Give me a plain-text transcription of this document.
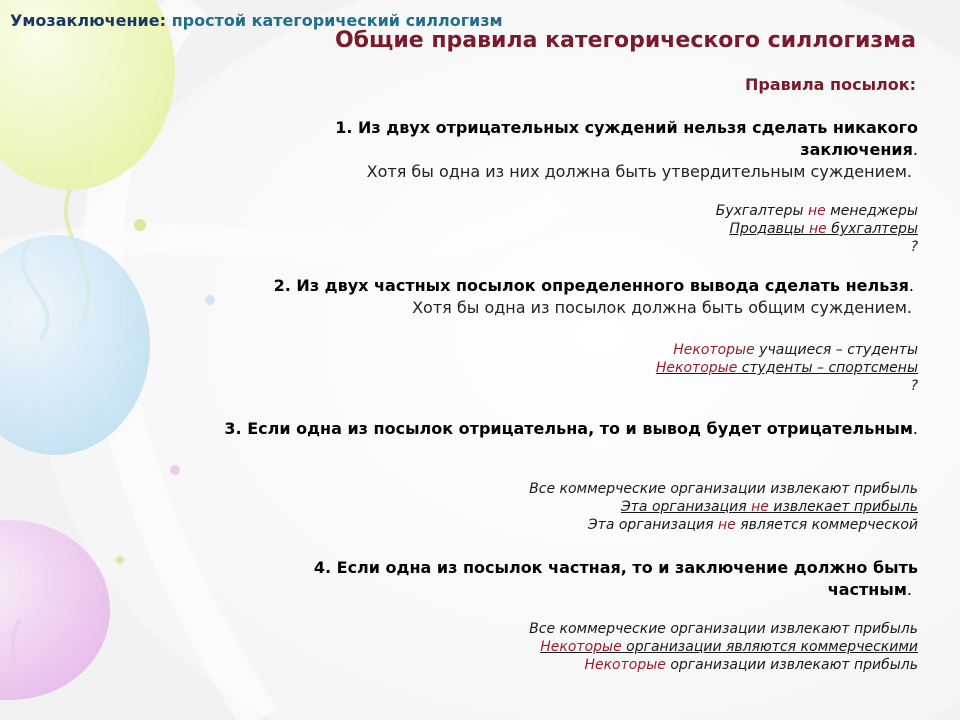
Умозаключение: простой категорический силлогизм
Общие правила категорического силлогизма
Правила посылок:
1. Из двух отрицательных суждений нельзя сделать никакого
заключения.
Хотя бы одна из них должна быть утвердительным суждением.
Бухгалтеры не менеджеры
Продавцы не бухгалтеры
?
2. Из двух частных посылок определенного вывода сделать нельзя.
Хотя бы одна из посылок должна быть общим суждением.
Некоторые учащиеся – студенты
Некоторые студенты – спортсмены
?
3. Если одна из посылок отрицательна, то и вывод будет отрицательным.
Все коммерческие организации извлекают прибыль
Эта организация не извлекает прибыль
Эта организация не является коммерческой
4. Если одна из посылок частная, то и заключение должно быть
частным.
Все коммерческие организации извлекают прибыль
Некоторые организации являются коммерческими
Некоторые организации извлекают прибыль
